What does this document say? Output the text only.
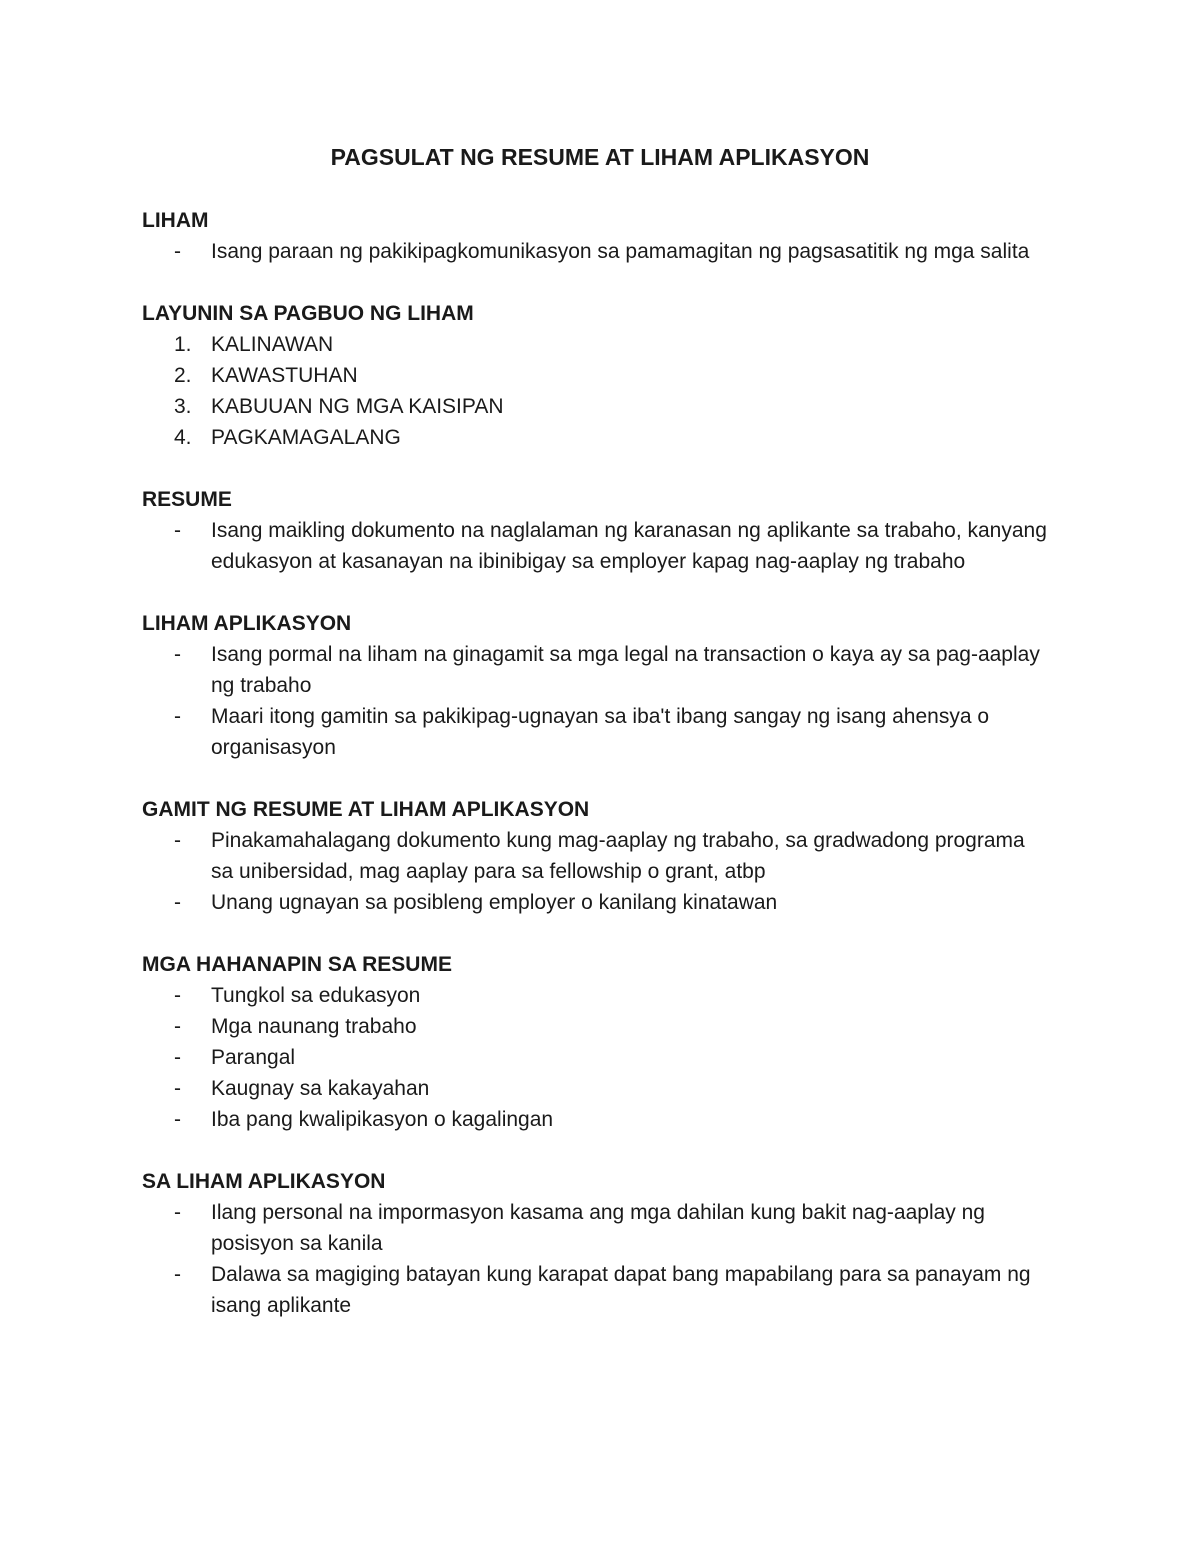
PAGSULAT NG RESUME AT LIHAM APLIKASYON

LIHAM

- Isang paraan ng pakikipagkomunikasyon sa pamamagitan ng pagsasatitik ng mga salita

LAYUNIN SA PAGBUO NG LIHAM

1. KALINAWAN
2. KAWASTUHAN
3. KABUUAN NG MGA KAISIPAN
4. PAGKAMAGALANG

RESUME

- Isang maikling dokumento na naglalaman ng karanasan ng aplikante sa trabaho, kanyang edukasyon at kasanayan na ibinibigay sa employer kapag nag-aaplay ng trabaho

LIHAM APLIKASYON

- Isang pormal na liham na ginagamit sa mga legal na transaction o kaya ay sa pag-aaplay ng trabaho
- Maari itong gamitin sa pakikipag-ugnayan sa iba't ibang sangay ng isang ahensya o organisasyon

GAMIT NG RESUME AT LIHAM APLIKASYON

- Pinakamahalagang dokumento kung mag-aaplay ng trabaho, sa gradwadong programa sa unibersidad, mag aaplay para sa fellowship o grant, atbp
- Unang ugnayan sa posibleng employer o kanilang kinatawan

MGA HAHANAPIN SA RESUME

- Tungkol sa edukasyon
- Mga naunang trabaho
- Parangal
- Kaugnay sa kakayahan
- Iba pang kwalipikasyon o kagalingan

SA LIHAM APLIKASYON

- Ilang personal na impormasyon kasama ang mga dahilan kung bakit nag-aaplay ng posisyon sa kanila
- Dalawa sa magiging batayan kung karapat dapat bang mapabilang para sa panayam ng isang aplikante
